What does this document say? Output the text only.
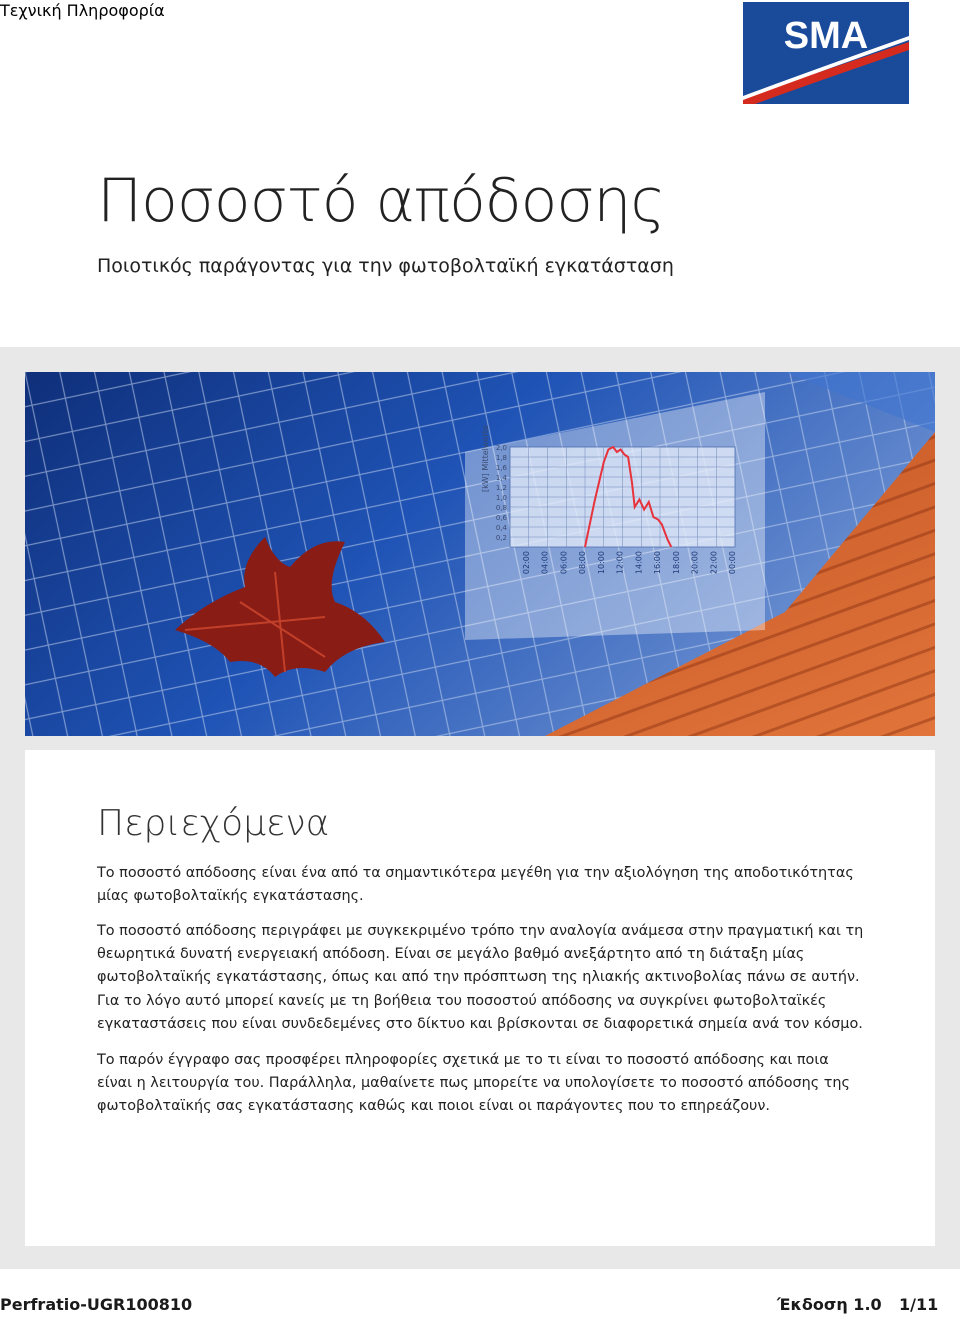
Τεχνική Πληροφορία
SMA
Ποσοστό απόδοσης
Ποιοτικός παράγοντας για την φωτοβολταϊκή εγκατάσταση
[kW] Mittelwerte
0,2
0,4
0,6
0,8
1,0
1,2
1,4
1,6
1,8
2,0
02:00 04:00 06:00 08:00 10:00 12:00 14:00 16:00 18:00 20:00 22:00 00:00
Περιεχόμενα

Το ποσοστό απόδοσης είναι ένα από τα σημαντικότερα μεγέθη για την αξιολόγηση της αποδοτικότητας μίας φωτοβολταϊκής εγκατάστασης.

Το ποσοστό απόδοσης περιγράφει με συγκεκριμένο τρόπο την αναλογία ανάμεσα στην πραγματική και τη θεωρητικά δυνατή ενεργειακή απόδοση. Είναι σε μεγάλο βαθμό ανεξάρτητο από τη διάταξη μίας φωτοβολταϊκής εγκατάστασης, όπως και από την πρόσπτωση της ηλιακής ακτινοβολίας πάνω σε αυτήν. Για το λόγο αυτό μπορεί κανείς με τη βοήθεια του ποσοστού απόδοσης να συγκρίνει φωτοβολταϊκές εγκαταστάσεις που είναι συνδεδεμένες στο δίκτυο και βρίσκονται σε διαφορετικά σημεία ανά τον κόσμο.

Το παρόν έγγραφο σας προσφέρει πληροφορίες σχετικά με το τι είναι το ποσοστό απόδοσης και ποια είναι η λειτουργία του. Παράλληλα, μαθαίνετε πως μπορείτε να υπολογίσετε το ποσοστό απόδοσης της φωτοβολταϊκής σας εγκατάστασης καθώς και ποιοι είναι οι παράγοντες που το επηρεάζουν.

Perfratio-UGR100810	Έκδοση 1.0 1/11
